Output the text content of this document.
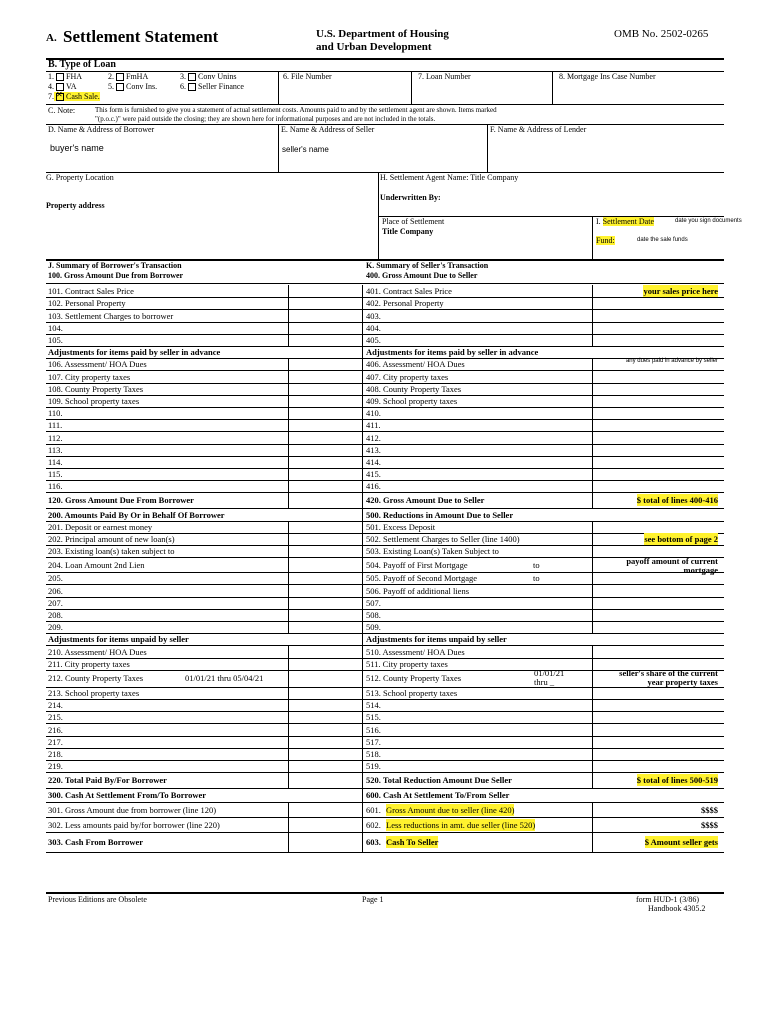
A. Settlement Statement	U.S. Department of Housing
and Urban Development
OMB No. 2502-0265
B. Type of Loan
1. FHA	2. FmHA	3. Conv Unins
4. VA	5. Conv Ins.	6. Seller Finance
7.✕ Cash Sale.
6. File Number	7. Loan Number	8. Mortgage Ins Case Number
C. Note:	This form is furnished to give you a statement of actual settlement costs. Amounts paid to and by the settlement agent are shown. Items marked
"(p.o.c.)" were paid outside the closing; they are shown here for informational purposes and are not included in the totals.
D. Name & Address of Borrower
buyer's name
E. Name & Address of Seller
seller's name
F. Name & Address of Lender
G. Property Location
Property address
H. Settlement Agent Name: Title Company
Underwritten By:
Place of Settlement
Title Company
I. Settlement Date	date you sign documents
Fund:	date the sale funds
J. Summary of Borrower's Transaction
100. Gross Amount Due from Borrower
K. Summary of Seller's Transaction
400. Gross Amount Due to Seller
101. Contract Sales Price	401. Contract Sales Price
102. Personal Property	402. Personal Property
103. Settlement Charges to borrower	403.
104.	404.
105.	405.
Adjustments for items paid by seller in advance	Adjustments for items paid by seller in advance
106. Assessment/ HOA Dues	406. Assessment/ HOA Dues
107. City property taxes	407. City property taxes
108. County Property Taxes	408. County Property Taxes
109. School property taxes	409. School property taxes
110.	410.
111.	411.
112.	412.
113.	413.
114.	414.
115.	415.
116.	416.
120. Gross Amount Due From Borrower	420. Gross Amount Due to Seller
200. Amounts Paid By Or in Behalf Of Borrower	500. Reductions in Amount Due to Seller
201. Deposit or earnest money	501. Excess Deposit
202. Principal amount of new loan(s)	502. Settlement Charges to Seller (line 1400)
203. Existing loan(s) taken subject to	503. Existing Loan(s) Taken Subject to
204. Loan Amount 2nd Lien	504. Payoff of First Mortgage
205.	505. Payoff of Second Mortgage
206.	506. Payoff of additional liens
207.	507.
208.	508.
209.	509.
Adjustments for items unpaid by seller	Adjustments for items unpaid by seller
210. Assessment/ HOA Dues	510. Assessment/ HOA Dues
211. City property taxes	511. City property taxes
212. County Property Taxes	512. County Property Taxes
213. School property taxes	513. School property taxes
214.	514.
215.	515.
216.	516.
217.	517.
218.	518.
219.	519.
220. Total Paid By/For Borrower	520. Total Reduction Amount Due Seller
300. Cash At Settlement From/To Borrower	600. Cash At Settlement To/From Seller
301. Gross Amount due from borrower (line 120)
302. Less amounts paid by/for borrower (line 220)
303. Cash From Borrower
601. Gross Amount due to seller (line 420)	$$$$
602. Less reductions in amt. due seller (line 520)	$$$$
603. Cash To Seller	$ Amount seller gets
your sales price here
any dues paid in advance by seller
$ total of lines 400-416
see bottom of page 2
payoff amount of current
mortgage
to
to
01/01/21 thru 05/04/21	01/01/21
thru _
seller's share of the current
year property taxes
$ total of lines 500-519
Previous Editions are Obsolete	Page 1	form HUD-1 (3/86)
Handbook 4305.2
